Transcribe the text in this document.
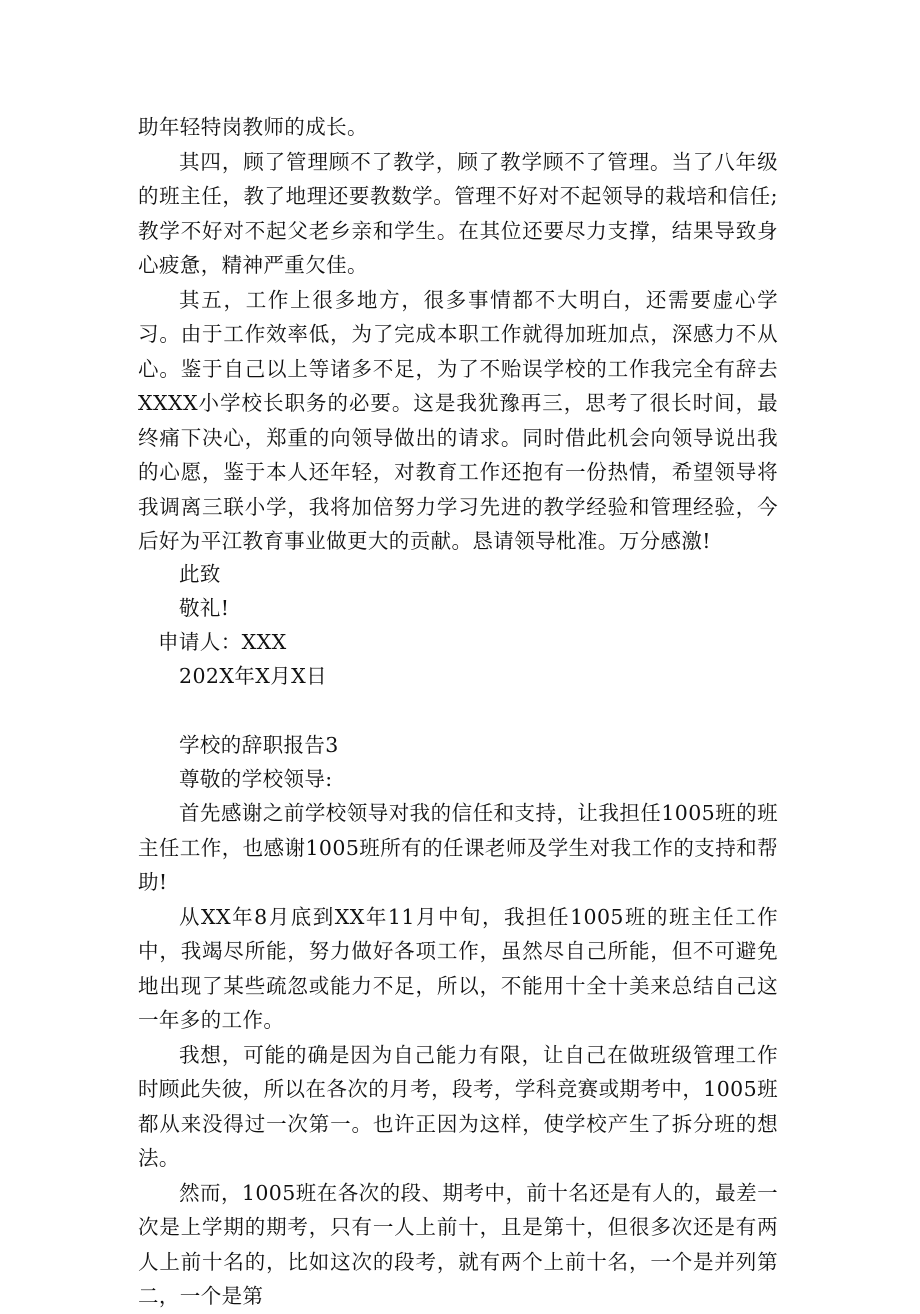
助年轻特岗教师的成长。

其四，顾了管理顾不了教学，顾了教学顾不了管理。当了八年级的班主任，教了地理还要教数学。管理不好对不起领导的栽培和信任;教学不好对不起父老乡亲和学生。在其位还要尽力支撑，结果导致身心疲惫，精神严重欠佳。

其五，工作上很多地方，很多事情都不大明白，还需要虚心学习。由于工作效率低，为了完成本职工作就得加班加点，深感力不从心。鉴于自己以上等诸多不足，为了不贻误学校的工作我完全有辞去XXXX小学校长职务的必要。这是我犹豫再三，思考了很长时间，最终痛下决心，郑重的向领导做出的请求。同时借此机会向领导说出我的心愿，鉴于本人还年轻，对教育工作还抱有一份热情，希望领导将我调离三联小学，我将加倍努力学习先进的教学经验和管理经验，今后好为平江教育事业做更大的贡献。恳请领导枇准。万分感激!

此致
敬礼!
申请人：XXX
202X年X月X日
学校的辞职报告3
尊敬的学校领导:

首先感谢之前学校领导对我的信任和支持，让我担任1005班的班主任工作，也感谢1005班所有的任课老师及学生对我工作的支持和帮助!

从XX年8月底到XX年11月中旬，我担任1005班的班主任工作中，我竭尽所能，努力做好各项工作，虽然尽自己所能，但不可避免地出现了某些疏忽或能力不足，所以，不能用十全十美来总结自己这一年多的工作。

我想，可能的确是因为自己能力有限，让自己在做班级管理工作时顾此失彼，所以在各次的月考，段考，学科竞赛或期考中，1005班都从来没得过一次第一。也许正因为这样，使学校产生了拆分班的想法。

然而，1005班在各次的段、期考中，前十名还是有人的，最差一次是上学期的期考，只有一人上前十，且是第十，但很多次还是有两人上前十名的，比如这次的段考，就有两个上前十名，一个是并列第二，一个是第
